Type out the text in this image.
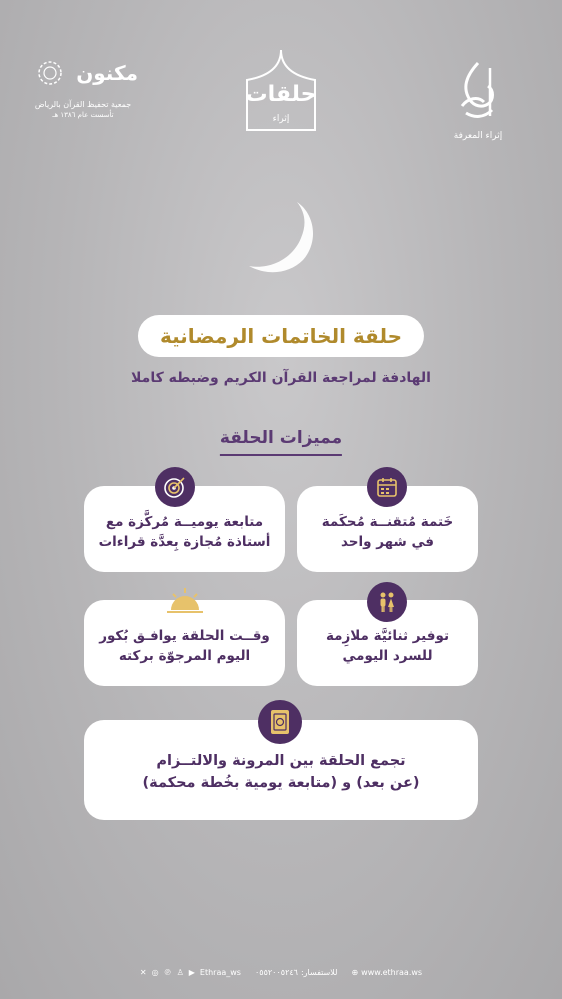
إثراء المعرفة
حلقات
إثراء
مكنون
جمعية تحفيظ القرآن بالرياض
تأسست عام ١٣٨٦ هـ
حلقة الخاتمات الرمضانية
الهادفة لمراجعة القرآن الكريم وضبطه كاملا
مميزات الحلقة
خَتمة مُتقنــة مُحكَمة
في شهر واحد
متابعة يوميــة مُركَّزة مع
أستاذة مُجازة بِعدَّة قراءات
توفير ثنائيَّة ملازِمة
للسرد اليومي
وقــت الحلقة يوافـق بُكور
اليوم المرجوّة بركته
تجمع الحلقة بين المرونة والالتــزام
(عن بعد) و (متابعة يومية بخُطة محكمة)
✕ ◎ ℗ ♙ ▶ Ethraa_ws	للاستفسار:
٠٥٥٢٠٠٥٢٤٦	⊕ www.ethraa.ws
